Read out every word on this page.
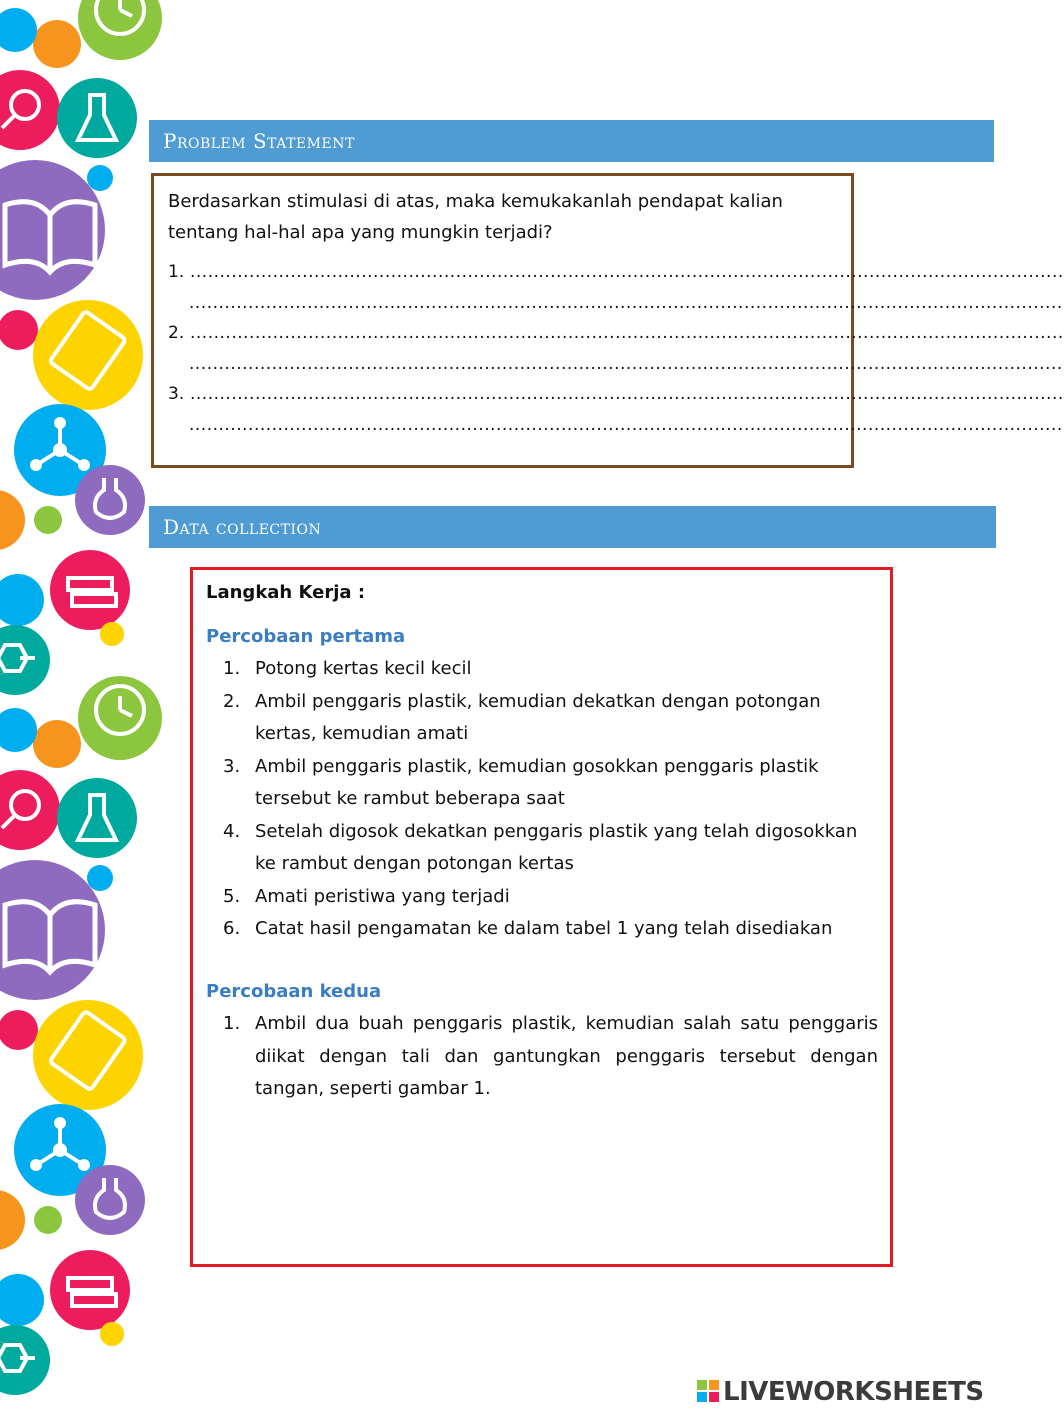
Problem Statement
Berdasarkan stimulasi di atas, maka kemukakanlah pendapat kalian tentang hal-hal apa yang mungkin terjadi?
1. ....................................................................................................................................................
....................................................................................................................................................
2. ....................................................................................................................................................
....................................................................................................................................................
3. ....................................................................................................................................................
....................................................................................................................................................
Data collection
Langkah Kerja :
Percobaan pertama
1. Potong kertas kecil kecil
2. Ambil penggaris plastik, kemudian dekatkan dengan potongan kertas, kemudian amati
3. Ambil penggaris plastik, kemudian gosokkan penggaris plastik tersebut ke rambut beberapa saat
4. Setelah digosok dekatkan penggaris plastik yang telah digosokkan ke rambut dengan potongan kertas
5. Amati peristiwa yang terjadi
6. Catat hasil pengamatan ke dalam tabel 1 yang telah disediakan
Percobaan kedua
1. Ambil dua buah penggaris plastik, kemudian salah satu penggaris diikat dengan tali dan gantungkan penggaris tersebut dengan tangan, seperti gambar 1.
LIVEWORKSHEETS
